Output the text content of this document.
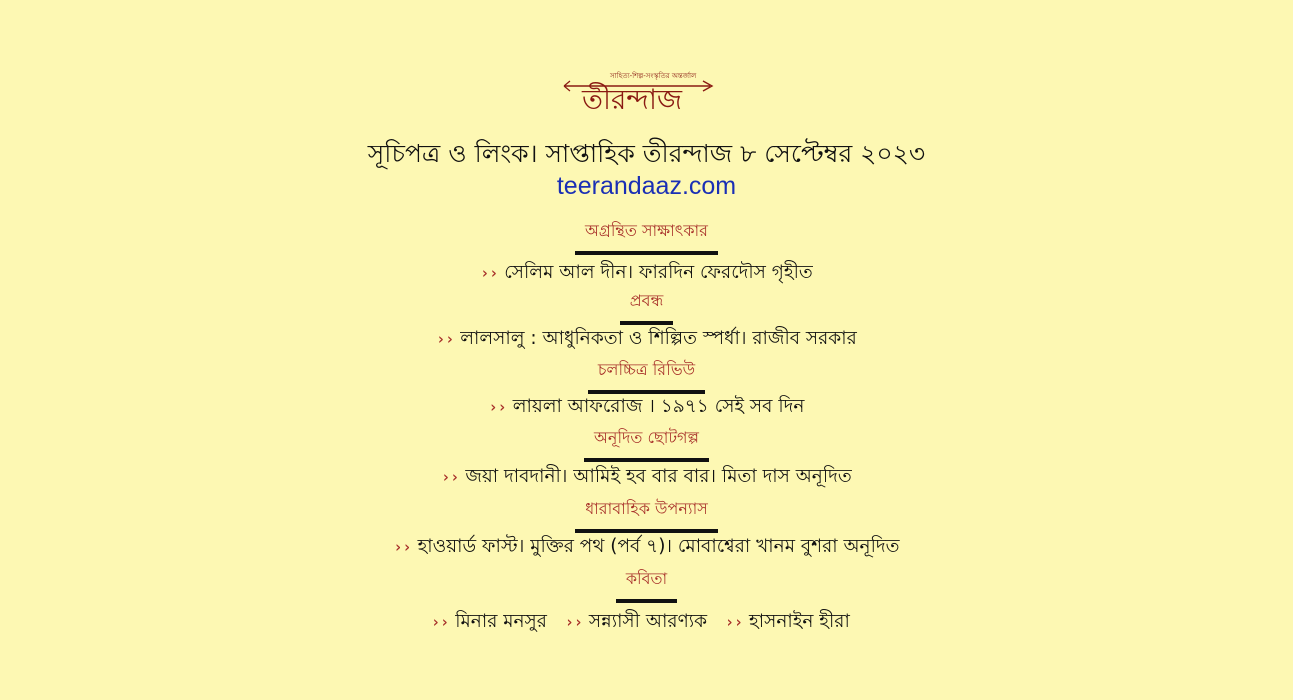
সাহিত্য-শিল্প-সংস্কৃতির অন্তর্জাল
তীরন্দাজ
সূচিপত্র ও লিংক। সাপ্তাহিক তীরন্দাজ ৮ সেপ্টেম্বর ২০২৩
teerandaaz.com
অগ্রন্থিত সাক্ষাৎকার
›› সেলিম আল দীন। ফারদিন ফেরদৌস গৃহীত
প্রবন্ধ
›› লালসালু : আধুনিকতা ও শিল্পিত স্পর্ধা। রাজীব সরকার
চলচ্চিত্র রিভিউ
›› লায়লা আফরোজ । ১৯৭১ সেই সব দিন
অনূদিত ছোটগল্প
›› জয়া দাবদানী। আমিই হব বার বার। মিতা দাস অনূদিত
ধারাবাহিক উপন্যাস
›› হাওয়ার্ড ফাস্ট। মুক্তির পথ (পর্ব ৭)। মোবাশ্বেরা খানম বুশরা অনূদিত
কবিতা
›› মিনার মনসুর ›› সন্ন্যাসী আরণ্যক ›› হাসনাইন হীরা
